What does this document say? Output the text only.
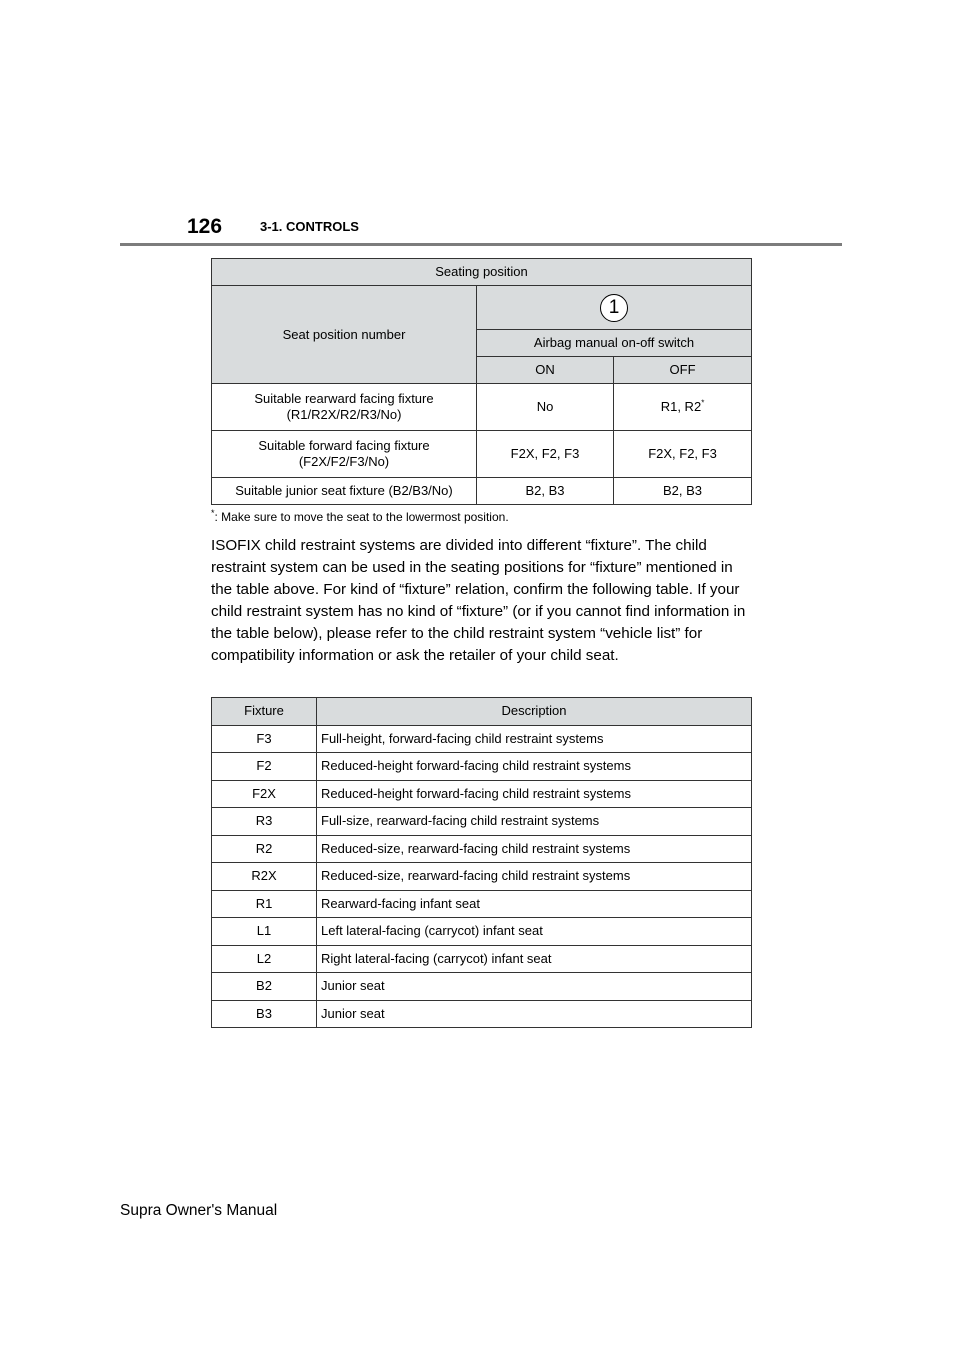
126	3-1. CONTROLS
Seating position		
Seat position number	1	
	Airbag manual on-off switch	
	ON	OFF
Suitable rearward facing fixture
(R1/R2X/R2/R3/No)	No	R1, R2*
Suitable forward facing fixture
(F2X/F2/F3/No)	F2X, F2, F3	F2X, F2, F3
Suitable junior seat fixture (B2/B3/No)	B2, B3	B2, B3
*: Make sure to move the seat to the lowermost position.

ISOFIX child restraint systems are divided into different “fixture”. The child restraint system can be used in the seating positions for “fixture” mentioned in the table above. For kind of “fixture” relation, confirm the following table. If your child restraint system has no kind of “fixture” (or if you cannot find information in the table below), please refer to the child restraint system “vehicle list” for compatibility information or ask the retailer of your child seat.

Fixture	Description
F3	Full-height, forward-facing child restraint systems
F2	Reduced-height forward-facing child restraint systems
F2X	Reduced-height forward-facing child restraint systems
R3	Full-size, rearward-facing child restraint systems
R2	Reduced-size, rearward-facing child restraint systems
R2X	Reduced-size, rearward-facing child restraint systems
R1	Rearward-facing infant seat
L1	Left lateral-facing (carrycot) infant seat
L2	Right lateral-facing (carrycot) infant seat
B2	Junior seat
B3	Junior seat
Supra Owner's Manual
